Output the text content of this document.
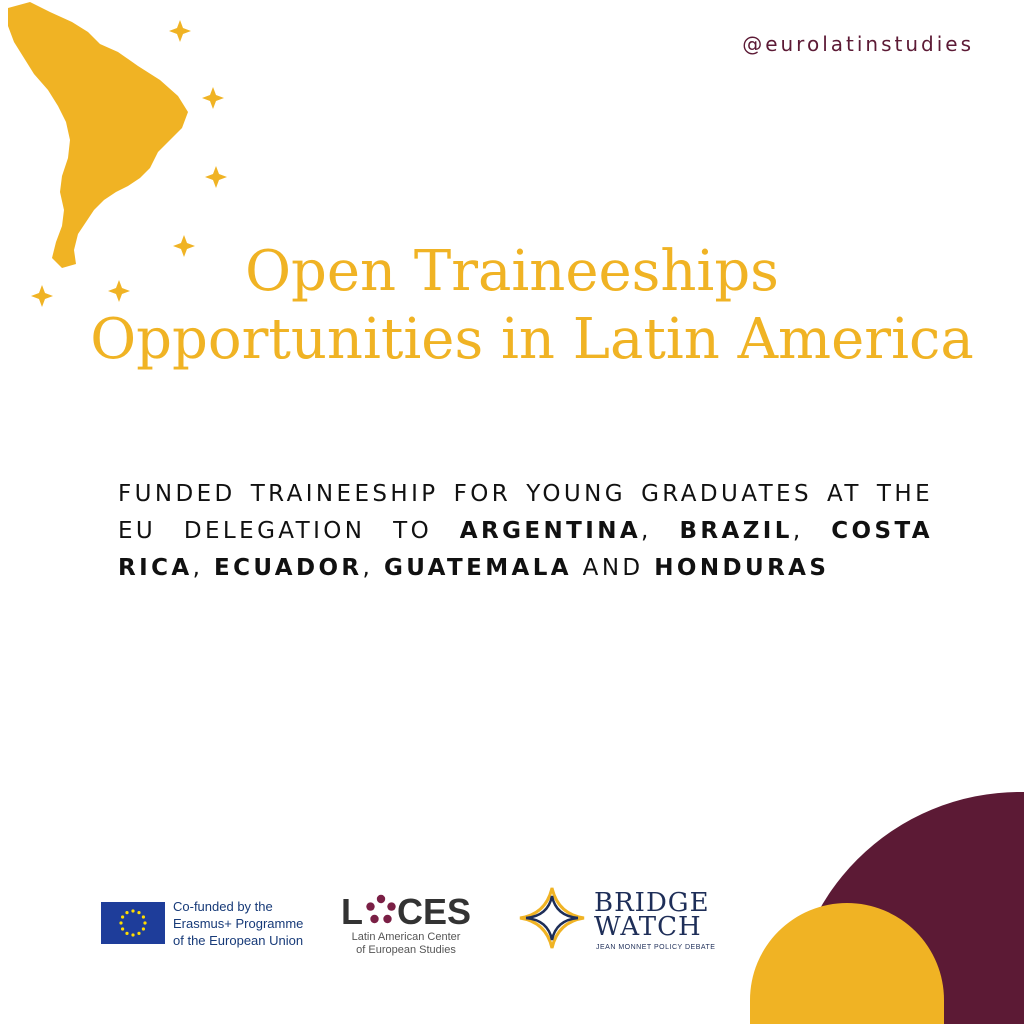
@eurolatinstudies
Open Traineeships
Opportunities in Latin America
FUNDED TRAINEESHIP FOR YOUNG GRADUATES AT THE EU DELEGATION TO ARGENTINA, BRAZIL, COSTA RICA, ECUADOR, GUATEMALA AND HONDURAS
Co-funded by the
Erasmus+ Programme
of the European Union
L CES
Latin American Center
of European Studies
BRIDGE
WATCH
JEAN MONNET POLICY DEBATE
